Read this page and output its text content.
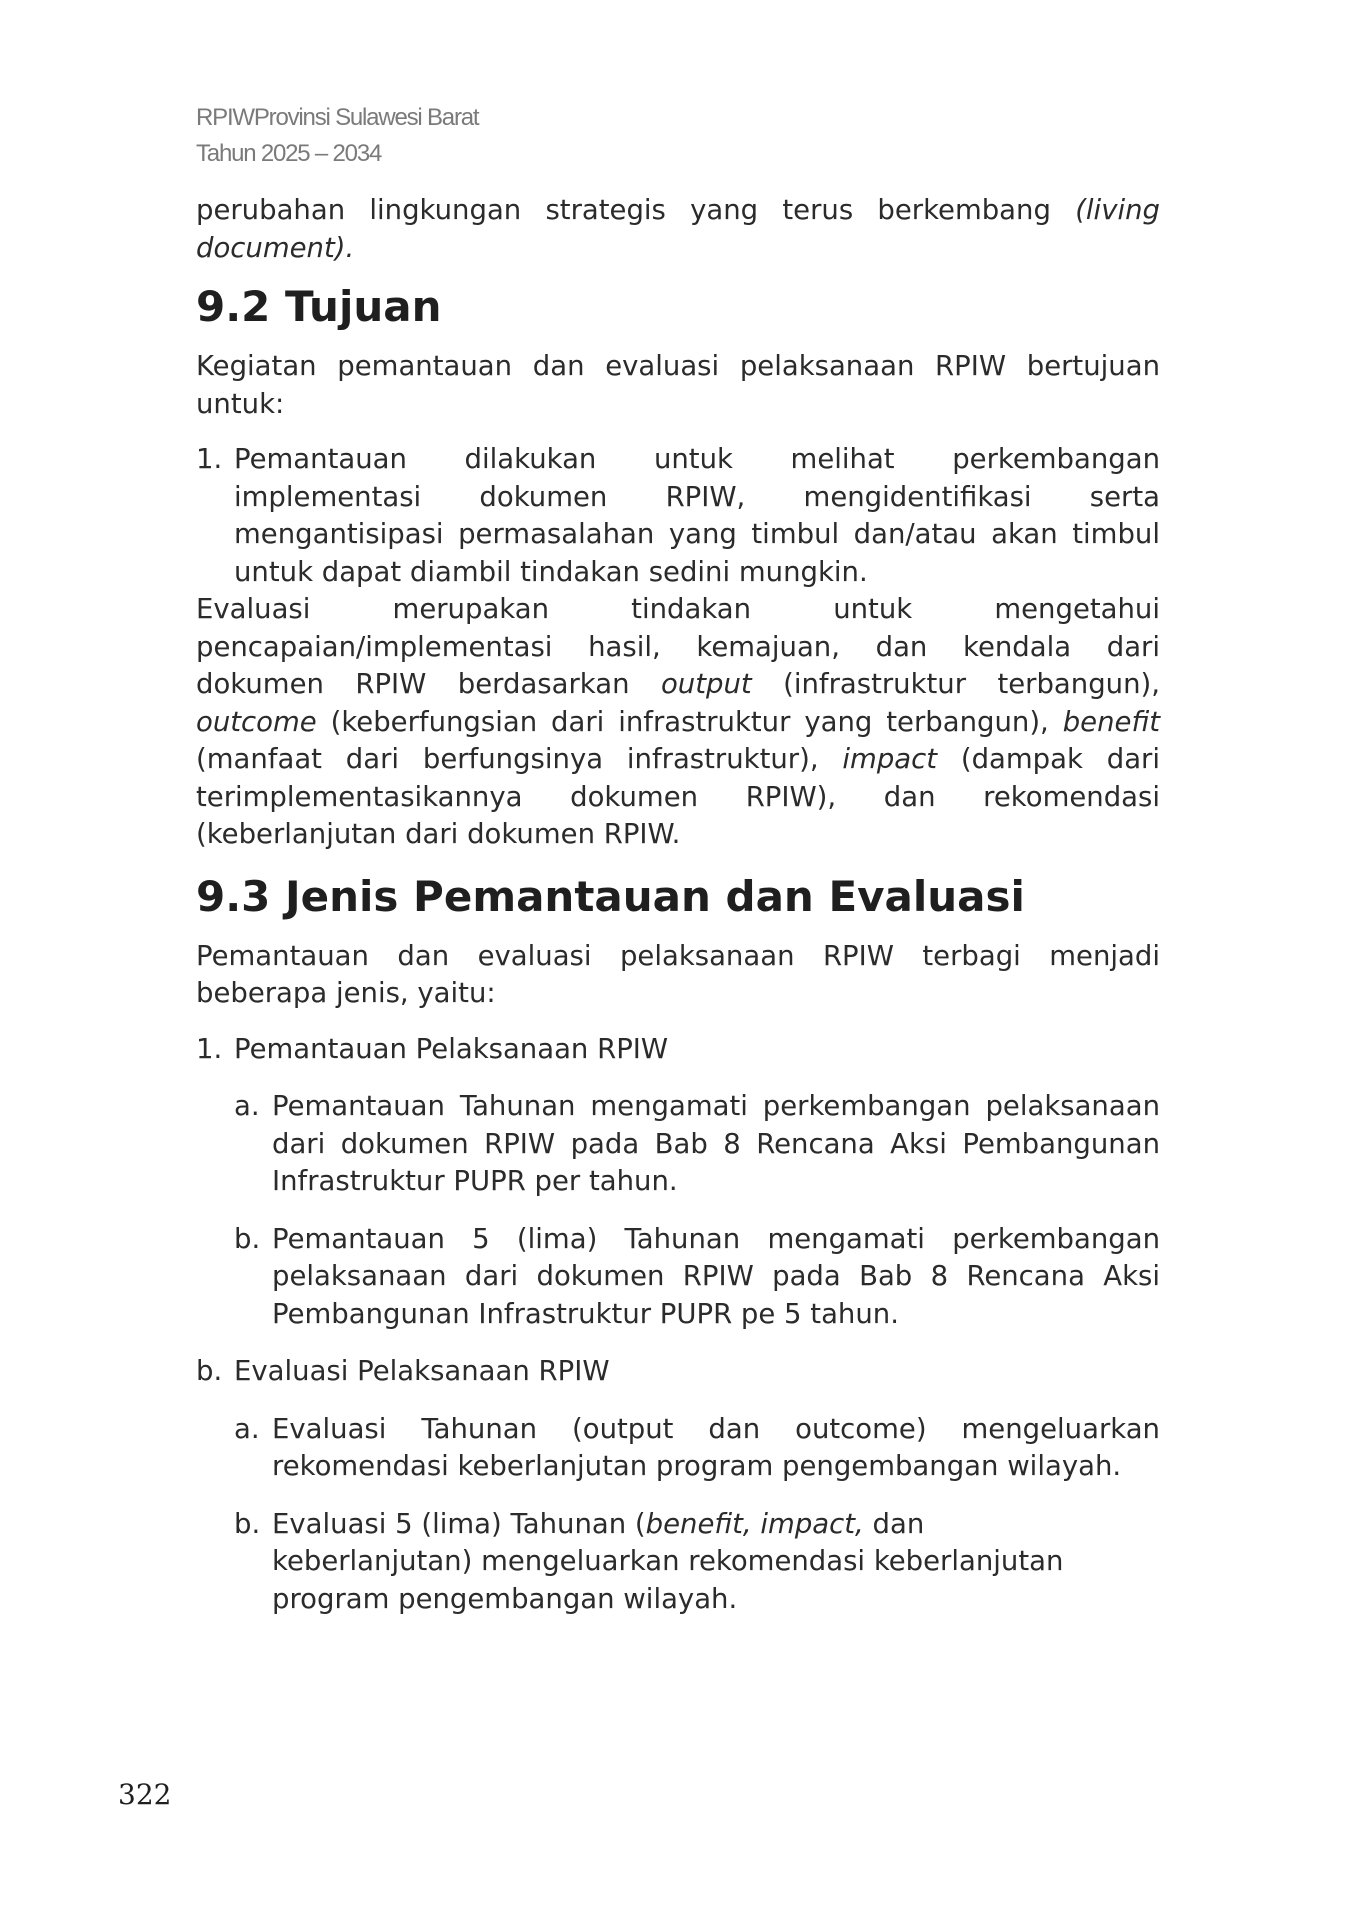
RPIWProvinsi Sulawesi Barat
Tahun 2025 – 2034

perubahan lingkungan strategis yang terus berkembang (living document).

9.2 Tujuan

Kegiatan pemantauan dan evaluasi pelaksanaan RPIW bertujuan untuk:

1. Pemantauan dilakukan untuk melihat perkembangan implementasi dokumen RPIW, mengidentifikasi serta mengantisipasi permasalahan yang timbul dan/atau akan timbul untuk dapat diambil tindakan sedini mungkin.

Evaluasi merupakan tindakan untuk mengetahui pencapaian/implementasi hasil, kemajuan, dan kendala dari dokumen RPIW berdasarkan output (infrastruktur terbangun), outcome (keberfungsian dari infrastruktur yang terbangun), benefit (manfaat dari berfungsinya infrastruktur), impact (dampak dari terimplementasikannya dokumen RPIW), dan rekomendasi (keberlanjutan dari dokumen RPIW.

9.3 Jenis Pemantauan dan Evaluasi

Pemantauan dan evaluasi pelaksanaan RPIW terbagi menjadi beberapa jenis, yaitu:

1. Pemantauan Pelaksanaan RPIW
a. Pemantauan Tahunan mengamati perkembangan pelaksanaan dari dokumen RPIW pada Bab 8 Rencana Aksi Pembangunan Infrastruktur PUPR per tahun.
b. Pemantauan 5 (lima) Tahunan mengamati perkembangan pelaksanaan dari dokumen RPIW pada Bab 8 Rencana Aksi Pembangunan Infrastruktur PUPR pe 5 tahun.
b. Evaluasi Pelaksanaan RPIW
a. Evaluasi Tahunan (output dan outcome) mengeluarkan rekomendasi keberlanjutan program pengembangan wilayah.
b. Evaluasi 5 (lima) Tahunan (benefit, impact, dan
keberlanjutan) mengeluarkan rekomendasi keberlanjutan
program pengembangan wilayah.
322
